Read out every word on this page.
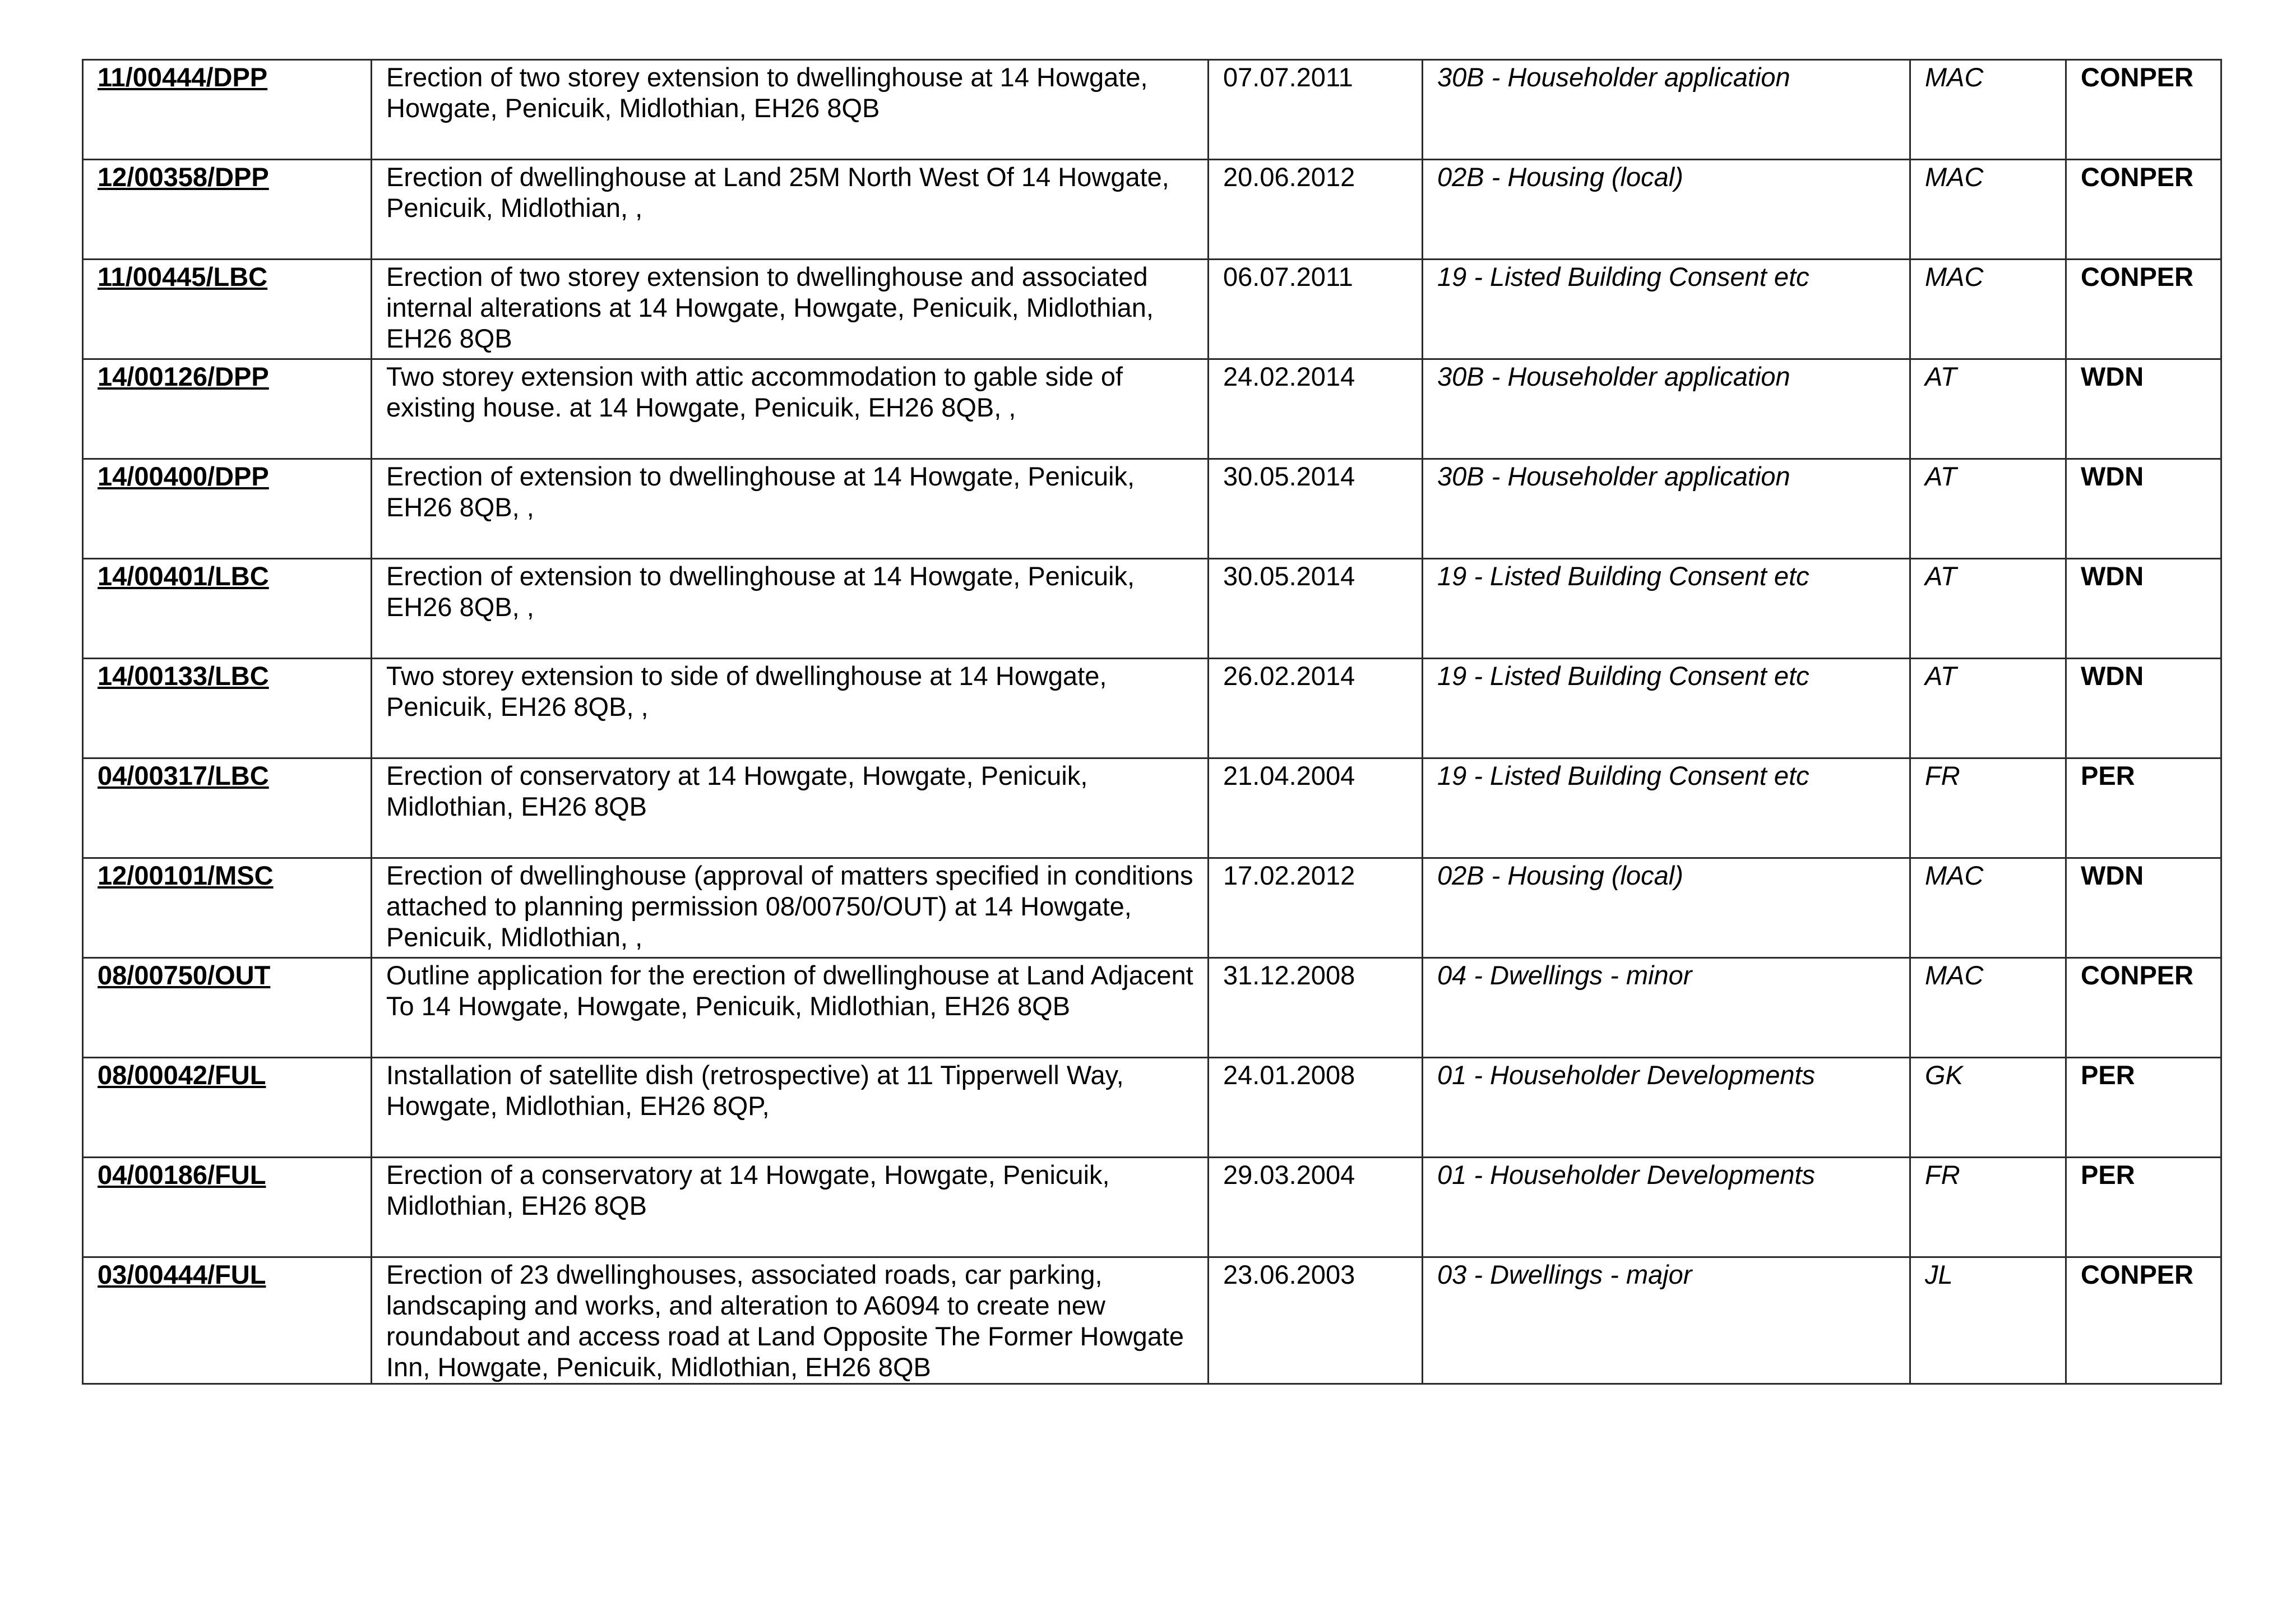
11/00444/DPP	Erection of two storey extension to dwellinghouse at 14 Howgate, Howgate, Penicuik, Midlothian, EH26 8QB	07.07.2011	30B - Householder application	MAC	CONPER
12/00358/DPP	Erection of dwellinghouse at Land 25M North West Of 14 Howgate, Penicuik, Midlothian, ,	20.06.2012	02B - Housing (local)	MAC	CONPER
11/00445/LBC	Erection of two storey extension to dwellinghouse and associated internal alterations at 14 Howgate, Howgate, Penicuik, Midlothian, EH26 8QB	06.07.2011	19 - Listed Building Consent etc	MAC	CONPER
14/00126/DPP	Two storey extension with attic accommodation to gable side of existing house. at 14 Howgate, Penicuik, EH26 8QB, ,	24.02.2014	30B - Householder application	AT	WDN
14/00400/DPP	Erection of extension to dwellinghouse at 14 Howgate, Penicuik, EH26 8QB, ,	30.05.2014	30B - Householder application	AT	WDN
14/00401/LBC	Erection of extension to dwellinghouse at 14 Howgate, Penicuik, EH26 8QB, ,	30.05.2014	19 - Listed Building Consent etc	AT	WDN
14/00133/LBC	Two storey extension to side of dwellinghouse at 14 Howgate, Penicuik, EH26 8QB, ,	26.02.2014	19 - Listed Building Consent etc	AT	WDN
04/00317/LBC	Erection of conservatory at 14 Howgate, Howgate, Penicuik, Midlothian, EH26 8QB	21.04.2004	19 - Listed Building Consent etc	FR	PER
12/00101/MSC	Erection of dwellinghouse (approval of matters specified in conditions attached to planning permission 08/00750/OUT) at 14 Howgate, Penicuik, Midlothian, ,	17.02.2012	02B - Housing (local)	MAC	WDN
08/00750/OUT	Outline application for the erection of dwellinghouse at Land Adjacent To 14 Howgate, Howgate, Penicuik, Midlothian, EH26 8QB	31.12.2008	04 - Dwellings - minor	MAC	CONPER
08/00042/FUL	Installation of satellite dish (retrospective) at 11 Tipperwell Way, Howgate, Midlothian, EH26 8QP,	24.01.2008	01 - Householder Developments	GK	PER
04/00186/FUL	Erection of a conservatory at 14 Howgate, Howgate, Penicuik, Midlothian, EH26 8QB	29.03.2004	01 - Householder Developments	FR	PER
03/00444/FUL	Erection of 23 dwellinghouses, associated roads, car parking, landscaping and works, and alteration to A6094 to create new roundabout and access road at Land Opposite The Former Howgate Inn, Howgate, Penicuik, Midlothian, EH26 8QB	23.06.2003	03 - Dwellings - major	JL	CONPER
